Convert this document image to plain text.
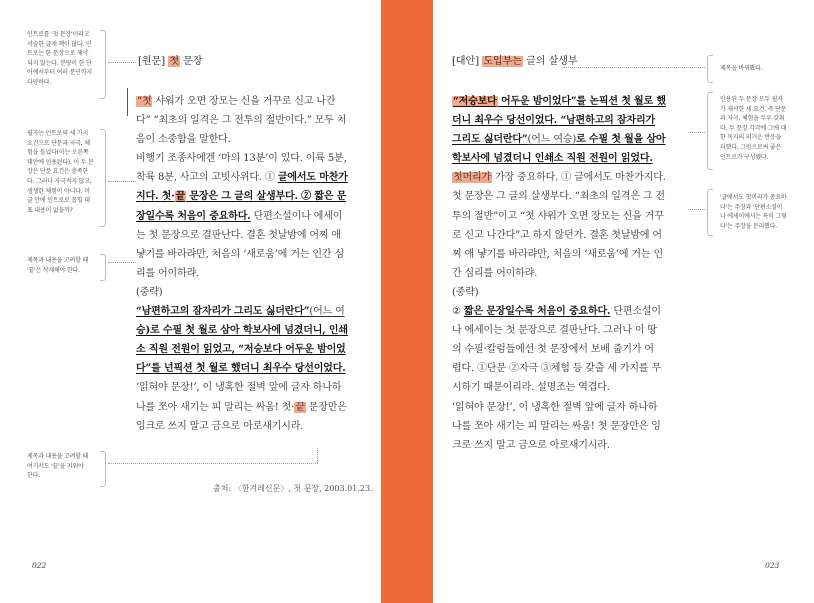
인트로를 '첫 문장'이라고
서술한 글게 책이 많다. 인
트로는 한 문장으로 제약
되지 않는다. 분량이 한 단
어에서부터 여러 문단까지
다양하다.
필자는 인트로의 세 가지
요건으로 단문과 자극, 체
험을 들었다(이는 오른쪽
대안에 인용된다). 이 두 문
장은 단문 요건은 충족한
다. 그러나 자극적지 않고,
생생한 체험이 아니다. 이
글 안에 인트로로 꼽힐 대
표 내용이 없을까?
제목과 내용을 고려할 때
'끝'은 삭제해야 한다.
제목과 내용을 고려할 때
여기서도 '끝'을 지워야
한다.
[원문] 첫 문장

“첫 샤워가 오면 장모는 신을 거꾸로 신고 나간

다” “최초의 일격은 그 전투의 절반이다.” 모두 처

음이 소중함을 말한다.

비행기 조종사에겐 ‘마의 13분’이 있다. 이륙 5분,

착륙 8분, 사고의 고빗사위다. ① 글에서도 마찬가

지다. 첫·끝 문장은 그 글의 살생부다. ② 짧은 문

장일수록 처음이 중요하다. 단편소설이나 에세이

는 첫 문장으로 결판난다. 결혼 첫날밤에 어찌 애

냫기를 바라랴만, 처음의 ‘새로움’에 거는 인간 심

리를 어이하랴.

(중략)

“남편하고의 잠자리가 그리도 싫더란다”(어느 여

승)로 수필 첫 월로 삼아 학보사에 넘겼더니, 인쇄

소 직원 전원이 읽었고, “저승보다 어두운 밤이었

다”를 넌픽션 첫 월로 했더니 최우수 당선이었다.

‘읽혀야 문장!’, 이 냉혹한 절벽 앞에 글자 하나하

나를 쪼아 새기는 피 말리는 싸움! 첫·끝 문장만은

잉크로 쓰지 말고 금으로 아로새기시라.

출처: 〈한겨레신문〉, 첫 문장, 2003.01.23.
022
[대안] 도입부는 글의 살생부

“저승보다 어두운 밤이었다”를 논픽션 첫 월로 했

더니 최우수 당선이었다. “남편하고의 잠자리가

그리도 싫더란다”(어느 여승)로 수필 첫 월을 삼아

학보사에 넘겼더니 인쇄소 직원 전원이 읽었다.

첫머리가 가장 중요하다. ① 글에서도 마찬가지다.

첫 문장은 그 글의 살생부다. “최초의 일격은 그 전

투의 절반”이고 “첫 샤워가 오면 장모는 신을 거꾸

로 신고 나간다”고 하지 않던가. 결혼 첫날밤에 어

찌 애 냫기를 바라랴만, 처음의 ‘새로움’에 거는 인

간 심리를 어이하랴.

(중략)

② 짧은 문장일수록 처음이 중요하다. 단편소설이

나 에세이는 첫 문장으로 결판난다. 그러나 이 땅

의 수필·칼럼들에선 첫 문장에서 보배 줍기가 어

렵다. ①단문 ②자극 ③체험 등 갖출 세 가지를 무

시하기 때문이리라. 설명조는 역겹다.

‘읽혀야 문장!’, 이 냉혹한 절벽 앞에 글자 하나하

나를 쪼아 새기는 피 말리는 싸움! 첫 문장만은 잉

크로 쓰지 말고 금으로 아로새기시라.

제목을 바꿔봤다.
인용된 두 문장 모두 필자
가 제시한 세 요건, 즉 단문
과 자극, 체험을 두루 갖춰
다. 두 문장 각각에 그에 대
한 독자의 의거운 반응을
더했다. 그럼으로써 좋은
인트로가 구성됐다.
'글에서도 첫머리가 중요하
다'는 주장과 '단편소설이
나 에세이에서는 특히 그렇
다'는 주장을 분리했다.
023
